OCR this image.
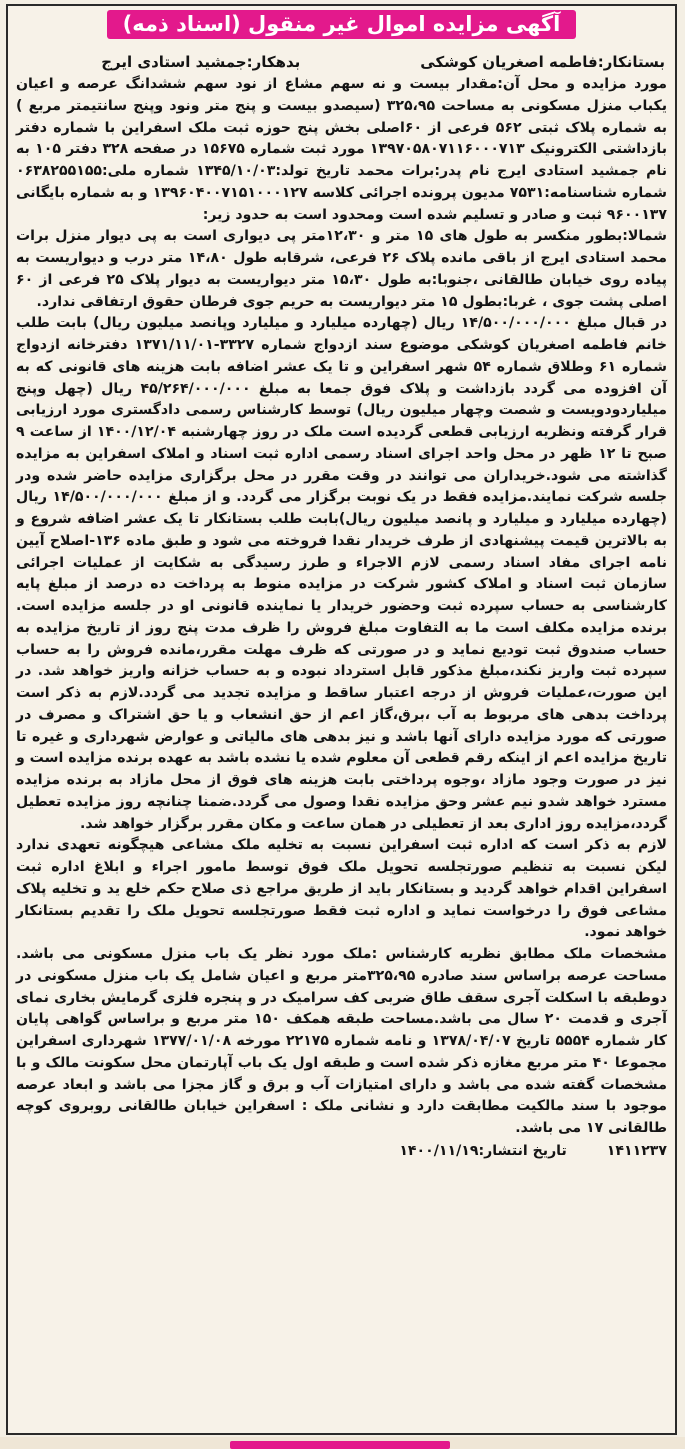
آگهی مزایده اموال غیر منقول (اسناد ذمه)
بستانکار:فاطمه اصغریان کوشکی
بدهکار:جمشید استادی ایرج

مورد مزایده و محل آن:مقدار بیست و نه سهم مشاع از نود سهم ششدانگ عرصه و اعیان یکباب منزل مسکونی به مساحت ۳۲۵،۹۵ (سیصدو بیست و پنج متر ونود وپنج سانتیمتر مربع ) به شماره پلاک ثبتی ۵۶۲ فرعی از ۶۰اصلی بخش پنج حوزه ثبت ملک اسفراین با شماره دفتر بازداشتی الکترونیک ۱۳۹۷۰۵۸۰۷۱۱۶۰۰۰۷۱۳ مورد ثبت شماره ۱۵۶۷۵ در صفحه ۳۲۸ دفتر ۱۰۵ به نام جمشید استادی ایرج نام پدر:برات محمد تاریخ تولد:۱۳۴۵/۱۰/۰۳ شماره ملی:۰۶۳۸۲۵۵۱۵۵ شماره شناسنامه:۷۵۳۱ مدیون پرونده اجرائی کلاسه ۱۳۹۶۰۴۰۰۷۱۵۱۰۰۰۱۲۷ و به شماره بایگانی ۹۶۰۰۱۳۷ ثبت و صادر و تسلیم شده است ومحدود است به حدود زیر:

شمالا:بطور منکسر به طول های ۱۵ متر و ۱۲،۳۰متر پی دیواری است به پی دیوار منزل برات محمد استادی ایرج از باقی مانده پلاک ۲۶ فرعی، شرقابه طول ۱۴،۸۰ متر درب و دیواریست به پیاده روی خیابان طالقانی ،جنوبا:به طول ۱۵،۳۰ متر دیواریست به دیوار پلاک ۲۵ فرعی از ۶۰ اصلی پشت جوی ، غربا:بطول ۱۵ متر دیواریست به حریم جوی فرطان حقوق ارتفاقی ندارد.

در قبال مبلغ ۱۴/۵۰۰/۰۰۰/۰۰۰ ریال (چهارده میلیارد و میلیارد وپانصد میلیون ریال) بابت طلب خانم فاطمه اصغریان کوشکی موضوع سند ازدواج شماره ۳۳۲۷-۱۳۷۱/۱۱/۰۱ دفترخانه ازدواج شماره ۶۱ وطلاق شماره ۵۴ شهر اسفراین و تا یک عشر اضافه بابت هزینه های قانونی که به آن افزوده می گردد بازداشت و پلاک فوق جمعا به مبلغ ۴۵/۲۶۴/۰۰۰/۰۰۰ ریال (چهل وپنج میلیاردودویست و شصت وچهار میلیون ریال) توسط کارشناس رسمی دادگستری مورد ارزیابی قرار گرفته ونظریه ارزیابی قطعی گردیده است ملک در روز چهارشنبه ۱۴۰۰/۱۲/۰۴ از ساعت ۹ صبح تا ۱۲ ظهر در محل واحد اجرای اسناد رسمی اداره ثبت اسناد و املاک اسفراین به مزایده گذاشته می شود.خریداران می توانند در وقت مقرر در محل برگزاری مزایده حاضر شده ودر جلسه شرکت نمایند.مزایده فقط در یک نوبت برگزار می گردد. و از مبلغ ۱۴/۵۰۰/۰۰۰/۰۰۰ ریال (چهارده میلیارد و میلیارد و پانصد میلیون ریال)بابت طلب بستانکار تا یک عشر اضافه شروع و به بالاترین قیمت پیشنهادی از طرف خریدار نقدا فروخته می شود و طبق ماده ۱۳۶-اصلاح آیین نامه اجرای مفاد اسناد رسمی لازم الاجراء و طرز رسیدگی به شکایت از عملیات اجرائی سازمان ثبت اسناد و املاک کشور شرکت در مزایده منوط به پرداخت ده درصد از مبلغ پایه کارشناسی به حساب سپرده ثبت وحضور خریدار یا نماینده قانونی او در جلسه مزایده است. برنده مزایده مکلف است ما به التفاوت مبلغ فروش را ظرف مدت پنج روز از تاریخ مزایده به حساب صندوق ثبت توديع نماید و در صورتی که ظرف مهلت مقرر،مانده فروش را به حساب سپرده ثبت واریز نکند،مبلغ مذکور قابل استرداد نبوده و به حساب خزانه واریز خواهد شد. در این صورت،عملیات فروش از درجه اعتبار ساقط و مزایده تجدید می گردد.لازم به ذکر است پرداخت بدهی های مربوط به آب ،برق،گاز اعم از حق انشعاب و یا حق اشتراک و مصرف در صورتی که مورد مزایده دارای آنها باشد و نیز بدهی های مالیاتی و عوارض شهرداری و غیره تا تاریخ مزایده اعم از اینکه رقم قطعی آن معلوم شده یا نشده باشد به عهده برنده مزایده است و نیز در صورت وجود مازاد ،وجوه پرداختی بابت هزینه های فوق از محل مازاد به برنده مزایده مسترد خواهد شدو نیم عشر وحق مزایده نقدا وصول می گردد.ضمنا چنانچه روز مزایده تعطیل گردد،مزایده روز اداری بعد از تعطیلی در همان ساعت و مکان مقرر برگزار خواهد شد.

لازم به ذکر است که اداره ثبت اسفراین نسبت به تخلیه ملک مشاعی هیچگونه تعهدی ندارد لیکن نسبت به تنظیم صورتجلسه تحویل ملک فوق توسط مامور اجراء و ابلاغ اداره ثبت اسفراین اقدام خواهد گردید و بستانکار باید از طریق مراجع ذی صلاح حکم خلع ید و تخلیه پلاک مشاعی فوق را درخواست نماید و اداره ثبت فقط صورتجلسه تحویل ملک را تقدیم بستانکار خواهد نمود.

مشخصات ملک مطابق نظریه کارشناس :ملک مورد نظر یک باب منزل مسکونی می باشد. مساحت عرصه براساس سند صادره ۳۲۵،۹۵متر مربع و اعیان شامل یک باب منزل مسکونی در دوطبقه با اسکلت آجری سقف طاق ضربی کف سرامیک در و پنجره فلزی گرمایش بخاری نمای آجری و قدمت ۲۰ سال می باشد.مساحت طبقه همکف ۱۵۰ متر مربع و براساس گواهی پایان کار شماره ۵۵۵۴ تاریخ ۱۳۷۸/۰۴/۰۷ و نامه شماره ۲۲۱۷۵ مورخه ۱۳۷۷/۰۱/۰۸ شهرداری اسفراین مجموعا ۴۰ متر مربع مغازه ذکر شده است و طبقه اول یک باب آپارتمان محل سکونت مالک و با مشخصات گفته شده می باشد و دارای امتیازات آب و برق و گاز مجزا می باشد و ابعاد عرصه موجود با سند مالکیت مطابقت دارد و نشانی ملک : اسفراین خیابان طالقانی روبروی کوچه طالقانی ۱۷ می باشد.

۱۴۱۱۲۳۷
تاریخ انتشار:۱۴۰۰/۱۱/۱۹
